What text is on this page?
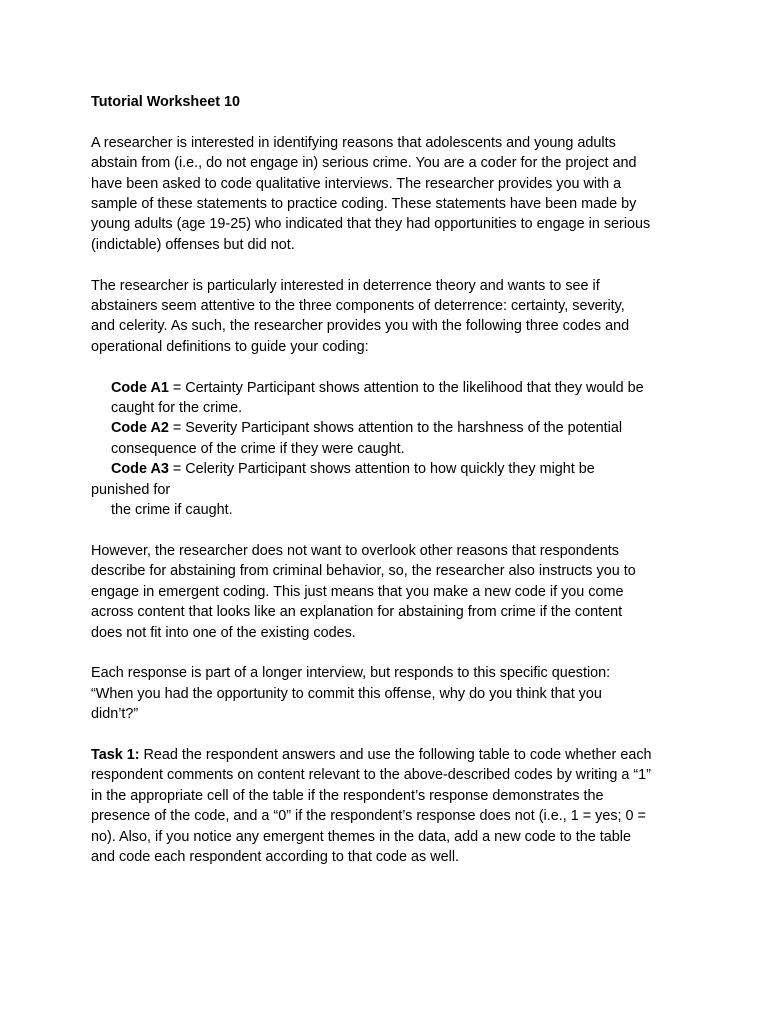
Tutorial Worksheet 10

A researcher is interested in identifying reasons that adolescents and young adults

abstain from (i.e., do not engage in) serious crime. You are a coder for the project and

have been asked to code qualitative interviews. The researcher provides you with a

sample of these statements to practice coding. These statements have been made by

young adults (age 19-25) who indicated that they had opportunities to engage in serious

(indictable) offenses but did not.

The researcher is particularly interested in deterrence theory and wants to see if

abstainers seem attentive to the three components of deterrence: certainty, severity,

and celerity. As such, the researcher provides you with the following three codes and

operational definitions to guide your coding:

Code A1 = Certainty Participant shows attention to the likelihood that they would be

caught for the crime.

Code A2 = Severity Participant shows attention to the harshness of the potential

consequence of the crime if they were caught.

Code A3 = Celerity Participant shows attention to how quickly they might be

punished for

the crime if caught.

However, the researcher does not want to overlook other reasons that respondents

describe for abstaining from criminal behavior, so, the researcher also instructs you to

engage in emergent coding. This just means that you make a new code if you come

across content that looks like an explanation for abstaining from crime if the content

does not fit into one of the existing codes.

Each response is part of a longer interview, but responds to this specific question:

“When you had the opportunity to commit this offense, why do you think that you

didn’t?”

Task 1: Read the respondent answers and use the following table to code whether each

respondent comments on content relevant to the above-described codes by writing a “1”

in the appropriate cell of the table if the respondent’s response demonstrates the

presence of the code, and a “0” if the respondent’s response does not (i.e., 1 = yes; 0 =

no). Also, if you notice any emergent themes in the data, add a new code to the table

and code each respondent according to that code as well.
